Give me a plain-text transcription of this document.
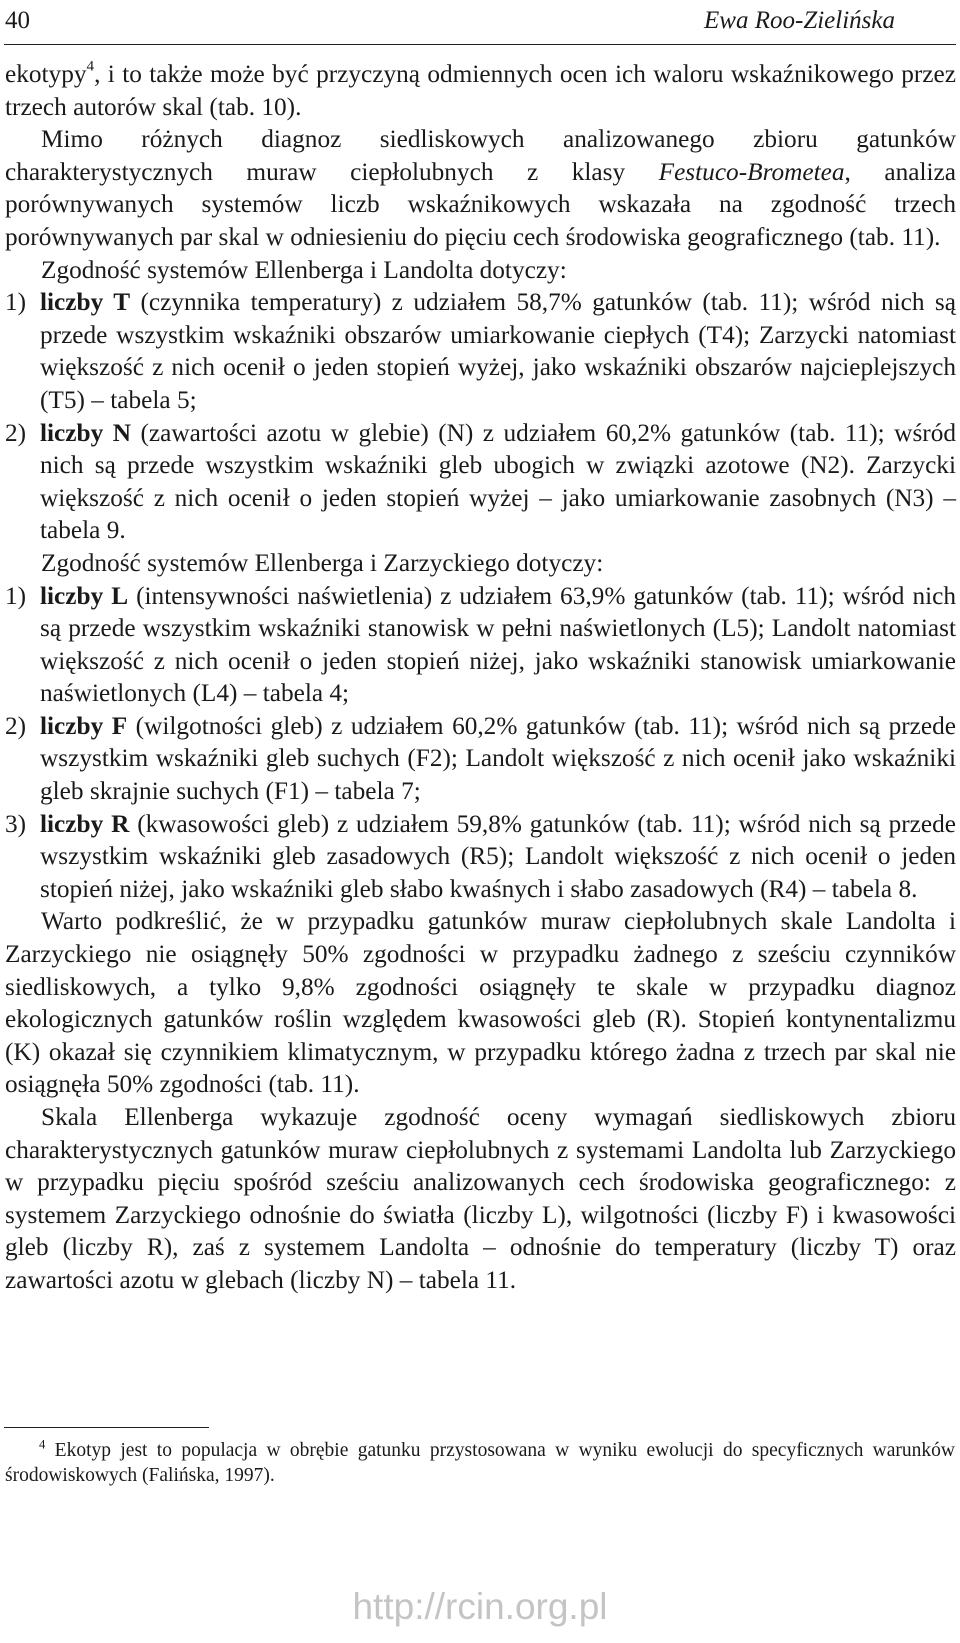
40	Ewa Roo-Zielińska

ekotypy$^4$, i to także może być przyczyną odmiennych ocen ich waloru wskaźnikowego przez trzech autorów skal (tab. 10).

Mimo różnych diagnoz siedliskowych analizowanego zbioru gatunków charakterystycznych muraw ciepłolubnych z klasy Festuco-Brometea, analiza porównywanych systemów liczb wskaźnikowych wskazała na zgodność trzech porównywanych par skal w odniesieniu do pięciu cech środowiska geograficznego (tab. 11).

Zgodność systemów Ellenberga i Landolta dotyczy:

1) liczby T (czynnika temperatury) z udziałem 58,7% gatunków (tab. 11); wśród nich są przede wszystkim wskaźniki obszarów umiarkowanie ciepłych (T4); Zarzycki natomiast większość z nich ocenił o jeden stopień wyżej, jako wskaźniki obszarów najcieplejszych (T5) – tabela 5;
2) liczby N (zawartości azotu w glebie) (N) z udziałem 60,2% gatunków (tab. 11); wśród nich są przede wszystkim wskaźniki gleb ubogich w związki azotowe (N2). Zarzycki większość z nich ocenił o jeden stopień wyżej – jako umiarkowanie zasobnych (N3) – tabela 9.

Zgodność systemów Ellenberga i Zarzyckiego dotyczy:

1) liczby L (intensywności naświetlenia) z udziałem 63,9% gatunków (tab. 11); wśród nich są przede wszystkim wskaźniki stanowisk w pełni naświetlonych (L5); Landolt natomiast większość z nich ocenił o jeden stopień niżej, jako wskaźniki stanowisk umiarkowanie naświetlonych (L4) – tabela 4;
2) liczby F (wilgotności gleb) z udziałem 60,2% gatunków (tab. 11); wśród nich są przede wszystkim wskaźniki gleb suchych (F2); Landolt większość z nich ocenił jako wskaźniki gleb skrajnie suchych (F1) – tabela 7;
3) liczby R (kwasowości gleb) z udziałem 59,8% gatunków (tab. 11); wśród nich są przede wszystkim wskaźniki gleb zasadowych (R5); Landolt większość z nich ocenił o jeden stopień niżej, jako wskaźniki gleb słabo kwaśnych i słabo zasadowych (R4) – tabela 8.

Warto podkreślić, że w przypadku gatunków muraw ciepłolubnych skale Landolta i Zarzyckiego nie osiągnęły 50% zgodności w przypadku żadnego z sześciu czynników siedliskowych, a tylko 9,8% zgodności osiągnęły te skale w przypadku diagnoz ekologicznych gatunków roślin względem kwasowości gleb (R). Stopień kontynentalizmu (K) okazał się czynnikiem klimatycznym, w przypadku którego żadna z trzech par skal nie osiągnęła 50% zgodności (tab. 11).

Skala Ellenberga wykazuje zgodność oceny wymagań siedliskowych zbioru charakterystycznych gatunków muraw ciepłolubnych z systemami Landolta lub Zarzyckiego w przypadku pięciu spośród sześciu analizowanych cech środowiska geograficznego: z systemem Zarzyckiego odnośnie do światła (liczby L), wilgotności (liczby F) i kwasowości gleb (liczby R), zaś z systemem Landolta – odnośnie do temperatury (liczby T) oraz zawartości azotu w glebach (liczby N) – tabela 11.

$^4$ Ekotyp jest to populacja w obrębie gatunku przystosowana w wyniku ewolucji do specyficznych warunków środowiskowych (Falińska, 1997).
http://rcin.org.pl
